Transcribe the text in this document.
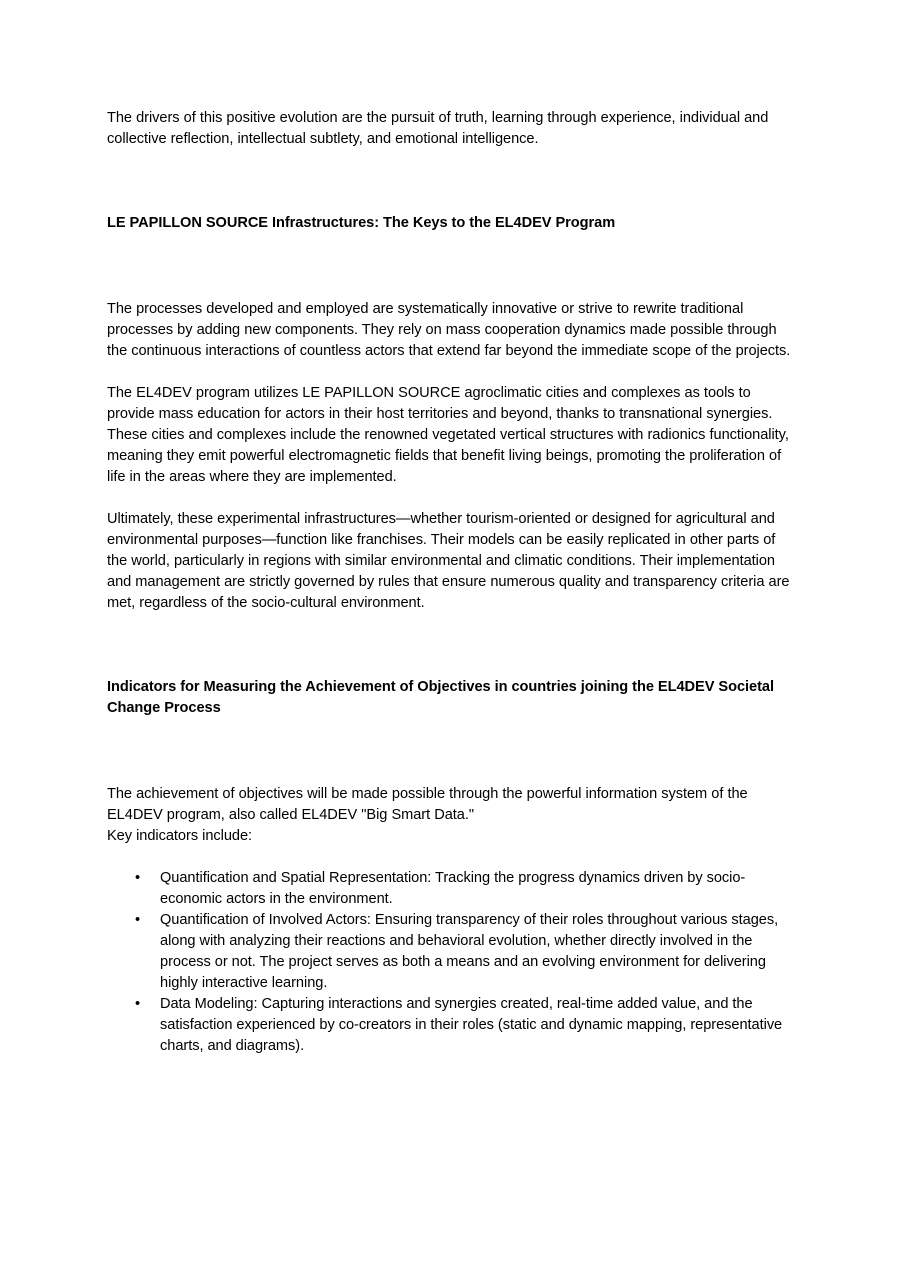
The drivers of this positive evolution are the pursuit of truth, learning through experience, individual and collective reflection, intellectual subtlety, and emotional intelligence.

LE PAPILLON SOURCE Infrastructures: The Keys to the EL4DEV Program

The processes developed and employed are systematically innovative or strive to rewrite traditional processes by adding new components. They rely on mass cooperation dynamics made possible through the continuous interactions of countless actors that extend far beyond the immediate scope of the projects.

The EL4DEV program utilizes LE PAPILLON SOURCE agroclimatic cities and complexes as tools to provide mass education for actors in their host territories and beyond, thanks to transnational synergies. These cities and complexes include the renowned vegetated vertical structures with radionics functionality, meaning they emit powerful electromagnetic fields that benefit living beings, promoting the proliferation of life in the areas where they are implemented.

Ultimately, these experimental infrastructures—whether tourism-oriented or designed for agricultural and environmental purposes—function like franchises. Their models can be easily replicated in other parts of the world, particularly in regions with similar environmental and climatic conditions. Their implementation and management are strictly governed by rules that ensure numerous quality and transparency criteria are met, regardless of the socio-cultural environment.

Indicators for Measuring the Achievement of Objectives in countries joining the EL4DEV Societal Change Process

The achievement of objectives will be made possible through the powerful information system of the EL4DEV program, also called EL4DEV "Big Smart Data."

Key indicators include:

• Quantification and Spatial Representation: Tracking the progress dynamics driven by socio-economic actors in the environment.
• Quantification of Involved Actors: Ensuring transparency of their roles throughout various stages, along with analyzing their reactions and behavioral evolution, whether directly involved in the process or not. The project serves as both a means and an evolving environment for delivering highly interactive learning.
• Data Modeling: Capturing interactions and synergies created, real-time added value, and the satisfaction experienced by co-creators in their roles (static and dynamic mapping, representative charts, and diagrams).
